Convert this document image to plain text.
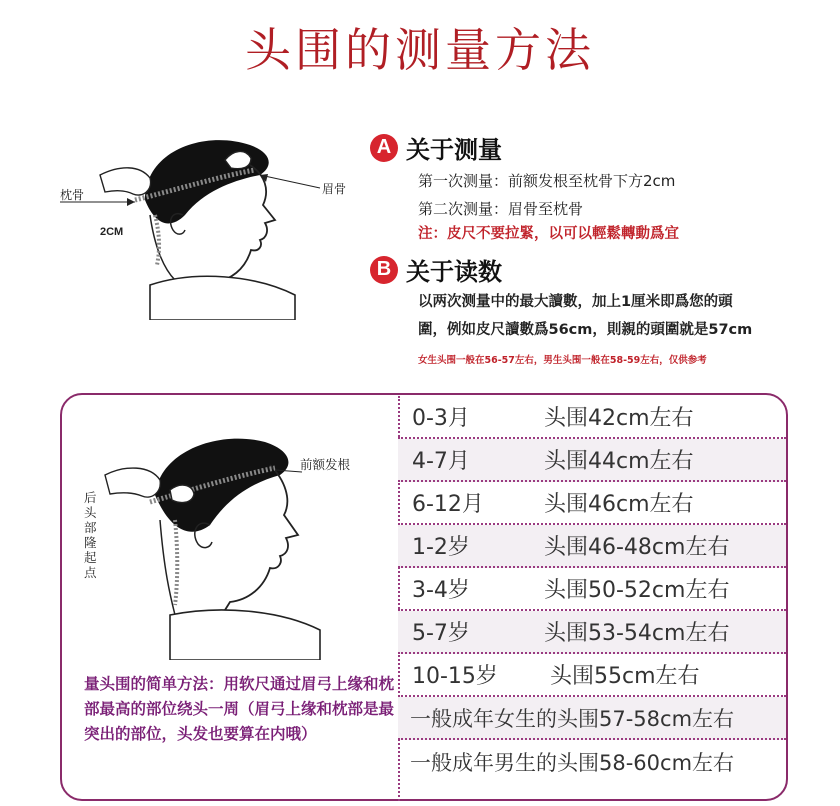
头围的测量方法
枕骨	眉骨
2CM
A 关于测量
第一次测量：前额发根至枕骨下方2cm
第二次测量：眉骨至枕骨
注：皮尺不要拉緊，以可以輕鬆轉動爲宜
B 关于读数
以两次测量中的最大讀數，加上1厘米即爲您的頭
圍，例如皮尺讀數爲56cm，則親的頭圍就是57cm
女生头围一般在56-57左右，男生头围一般在58-59左右，仅供参考
前额发根
后头部隆起点
量头围的简单方法：用软尺通过眉弓上缘和枕部最高的部位绕头一周（眉弓上缘和枕部是最突出的部位，头发也要算在内哦）
0-3月	头围42cm左右
4-7月	头围44cm左右
6-12月	头围46cm左右
1-2岁	头围46-48cm左右
3-4岁	头围50-52cm左右
5-7岁	头围53-54cm左右
10-15岁 头围55cm左右
一般成年女生的头围57-58cm左右
一般成年男生的头围58-60cm左右
